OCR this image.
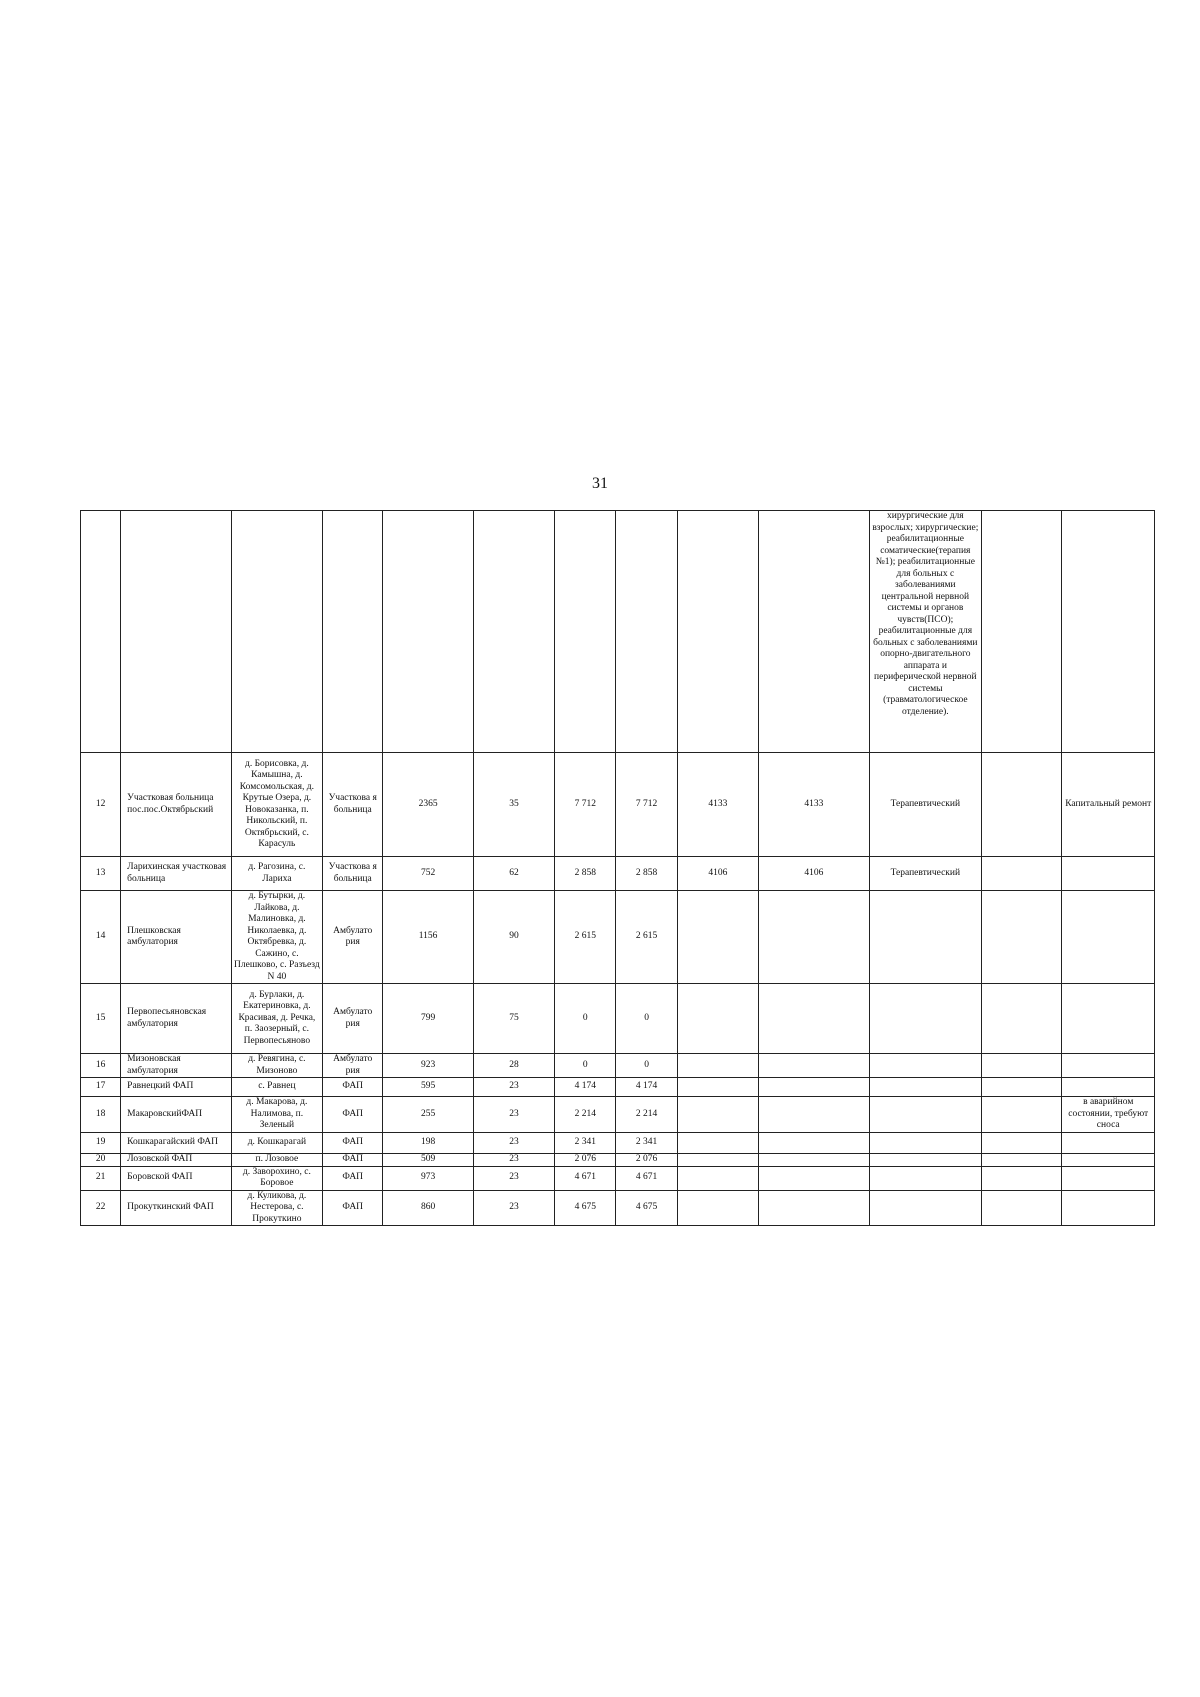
31
										хирургические для взрослых; хирургические; реабилитационные соматические(терапия №1); реабилитационные для больных с заболеваниями центральной нервной системы и органов чувств(ПСО); реабилитационные для больных с заболеваниями опорно-двигательного аппарата и периферической нервной системы (травматологическое отделение).		
12	Участковая больница пос.пос.Октябрьский	д. Борисовка, д. Камышна, д. Комсомольская, д. Крутые Озера, д. Новоказанка, п. Никольский, п. Октябрьский, с. Карасуль	Участкова я больница	2365	35	7 712	7 712	4133	4133	Терапевтический		Капитальный ремонт
13	Ларихинская участковая больница	д. Рагозина, с. Лариха	Участкова я больница	752	62	2 858	2 858	4106	4106	Терапевтический		
14	Плешковская амбулатория	д. Бутырки, д. Лайкова, д. Малиновка, д. Николаевка, д. Октябревка, д. Сажино, с. Плешково, с. Разъезд N 40	Амбулато рия	1156	90	2 615	2 615					
15	Первопесьяновская амбулатория	д. Бурлаки, д. Екатериновка, д. Красивая, д. Речка, п. Заозерный, с. Первопесьяново	Амбулато рия	799	75	0	0					
16	Мизоновская амбулатория	д. Ревягина, с. Мизоново	Амбулато рия	923	28	0	0					
17	Равнецкий ФАП	с. Равнец	ФАП	595	23	4 174	4 174					
18	МакаровскийФАП	д. Макарова, д. Налимова, п. Зеленый	ФАП	255	23	2 214	2 214					в аварийном состоянии, требуют сноса
19	Кошкарагайский ФАП	д. Кошкарагай	ФАП	198	23	2 341	2 341					
20	Лозовской ФАП	п. Лозовое	ФАП	509	23	2 076	2 076					
21	Боровской ФАП	д. Заворохино, с. Боровое	ФАП	973	23	4 671	4 671					
22	Прокуткинский ФАП	д. Куликова, д. Нестерова, с. Прокуткино	ФАП	860	23	4 675	4 675					
